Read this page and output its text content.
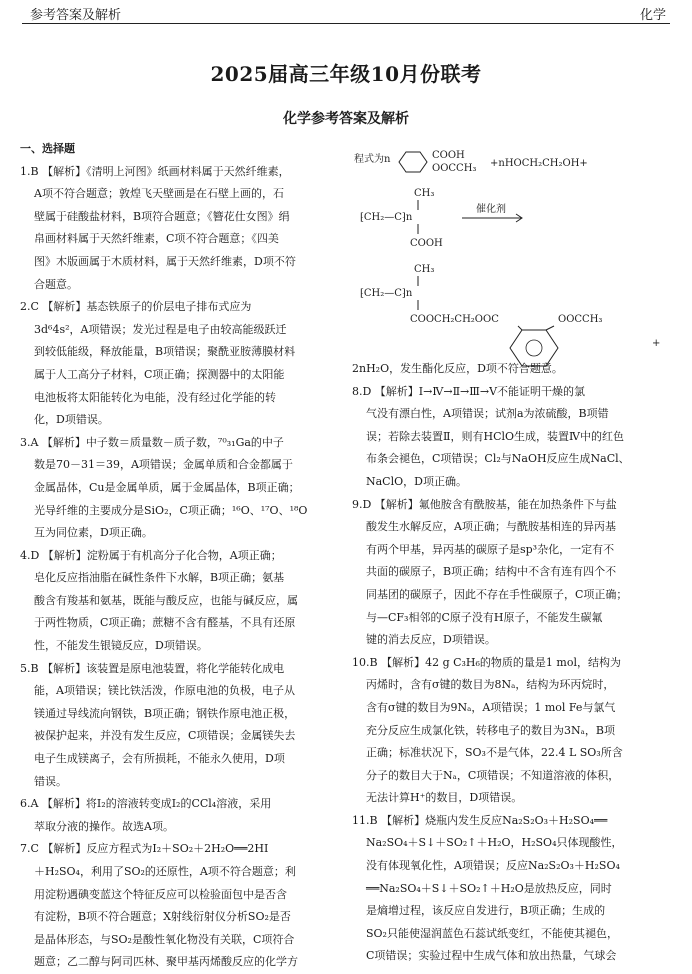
参考答案及解析	化学
2025届高三年级10月份联考
化学参考答案及解析

一、选择题

1.B 【解析】《清明上河图》纸画材料属于天然纤维素，

A项不符合题意；敦煌飞天壁画是在石壁上画的，石

壁属于硅酸盐材料，B项符合题意；《簪花仕女图》绢

帛画材料属于天然纤维素，C项不符合题意；《四美

图》木版画属于木质材料，属于天然纤维素，D项不符

合题意。

2.C 【解析】基态铁原子的价层电子排布式应为

3d⁶4s²，A项错误；发光过程是电子由较高能级跃迁

到较低能级，释放能量，B项错误；聚酰亚胺薄膜材料

属于人工高分子材料，C项正确；探测器中的太阳能

电池板将太阳能转化为电能，没有经过化学能的转

化，D项错误。

3.A 【解析】中子数＝质量数－质子数，⁷⁰₃₁Ga的中子

数是70－31＝39，A项错误；金属单质和合金都属于

金属晶体，Cu是金属单质，属于金属晶体，B项正确；

光导纤维的主要成分是SiO₂，C项正确；¹⁶O、¹⁷O、¹⁸O

互为同位素，D项正确。

4.D 【解析】淀粉属于有机高分子化合物，A项正确；

皂化反应指油脂在碱性条件下水解，B项正确；氨基

酸含有羧基和氨基，既能与酸反应，也能与碱反应，属

于两性物质，C项正确；蔗糖不含有醛基，不具有还原

性，不能发生银镜反应，D项错误。

5.B 【解析】该装置是原电池装置，将化学能转化成电

能，A项错误；镁比铁活泼，作原电池的负极，电子从

镁通过导线流向钢铁，B项正确；钢铁作原电池正极，

被保护起来，并没有发生反应，C项错误；金属镁失去

电子生成镁离子，会有所损耗，不能永久使用，D项

错误。

6.A 【解析】将I₂的溶液转变成I₂的CCl₄溶液，采用

萃取分液的操作。故选A项。

7.C 【解析】反应方程式为I₂＋SO₂＋2H₂O══2HI

＋H₂SO₄，利用了SO₂的还原性，A项不符合题意；利

用淀粉遇碘变蓝这个特征反应可以检验面包中是否含

有淀粉，B项不符合题意；X射线衍射仪分析SO₂是否

是晶体形态，与SO₂是酸性氧化物没有关联，C项符合

题意；乙二醇与阿司匹林、聚甲基丙烯酸反应的化学方

程式为n	COOH
OOCCH₃ +nHOCH₂CH₂OH+
CH₃
⁅CH₂—C⁆n
COOH
催化剂
CH₃
⁅CH₂—C⁆n
COOCH₂CH₂OOC	OOCCH₃
+

2nH₂O，发生酯化反应，D项不符合题意。

8.D 【解析】Ⅰ→Ⅳ→Ⅱ→Ⅲ→Ⅴ不能证明干燥的氯

气没有漂白性，A项错误；试剂a为浓硫酸，B项错

误；若除去装置Ⅱ，则有HClO生成，装置Ⅳ中的红色

布条会褪色，C项错误；Cl₂与NaOH反应生成NaCl、

NaClO，D项正确。

9.D 【解析】氟他胺含有酰胺基，能在加热条件下与盐

酸发生水解反应，A项正确；与酰胺基相连的异丙基

有两个甲基，异丙基的碳原子是sp³杂化，一定有不

共面的碳原子，B项正确；结构中不含有连有四个不

同基团的碳原子，因此不存在手性碳原子，C项正确；

与—CF₃相邻的C原子没有H原子，不能发生碳氟

键的消去反应，D项错误。

10.B 【解析】42 g C₃H₆的物质的量是1 mol，结构为

丙烯时，含有σ键的数目为8Nₐ，结构为环丙烷时，

含有σ键的数目为9Nₐ，A项错误；1 mol Fe与氯气

充分反应生成氯化铁，转移电子的数目为3Nₐ，B项

正确；标准状况下，SO₃不是气体，22.4 L SO₃所含

分子的数目大于Nₐ，C项错误；不知道溶液的体积，

无法计算H⁺的数目，D项错误。

11.B 【解析】烧瓶内发生反应Na₂S₂O₃＋H₂SO₄══

Na₂SO₄＋S↓＋SO₂↑＋H₂O，H₂SO₄只体现酸性，

没有体现氧化性，A项错误；反应Na₂S₂O₃＋H₂SO₄

══Na₂SO₄＋S↓＋SO₂↑＋H₂O是放热反应，同时

是熵增过程，该反应自发进行，B项正确；生成的

SO₂只能使湿润蓝色石蕊试纸变红，不能使其褪色，

C项错误；实验过程中生成气体和放出热量，气球会
